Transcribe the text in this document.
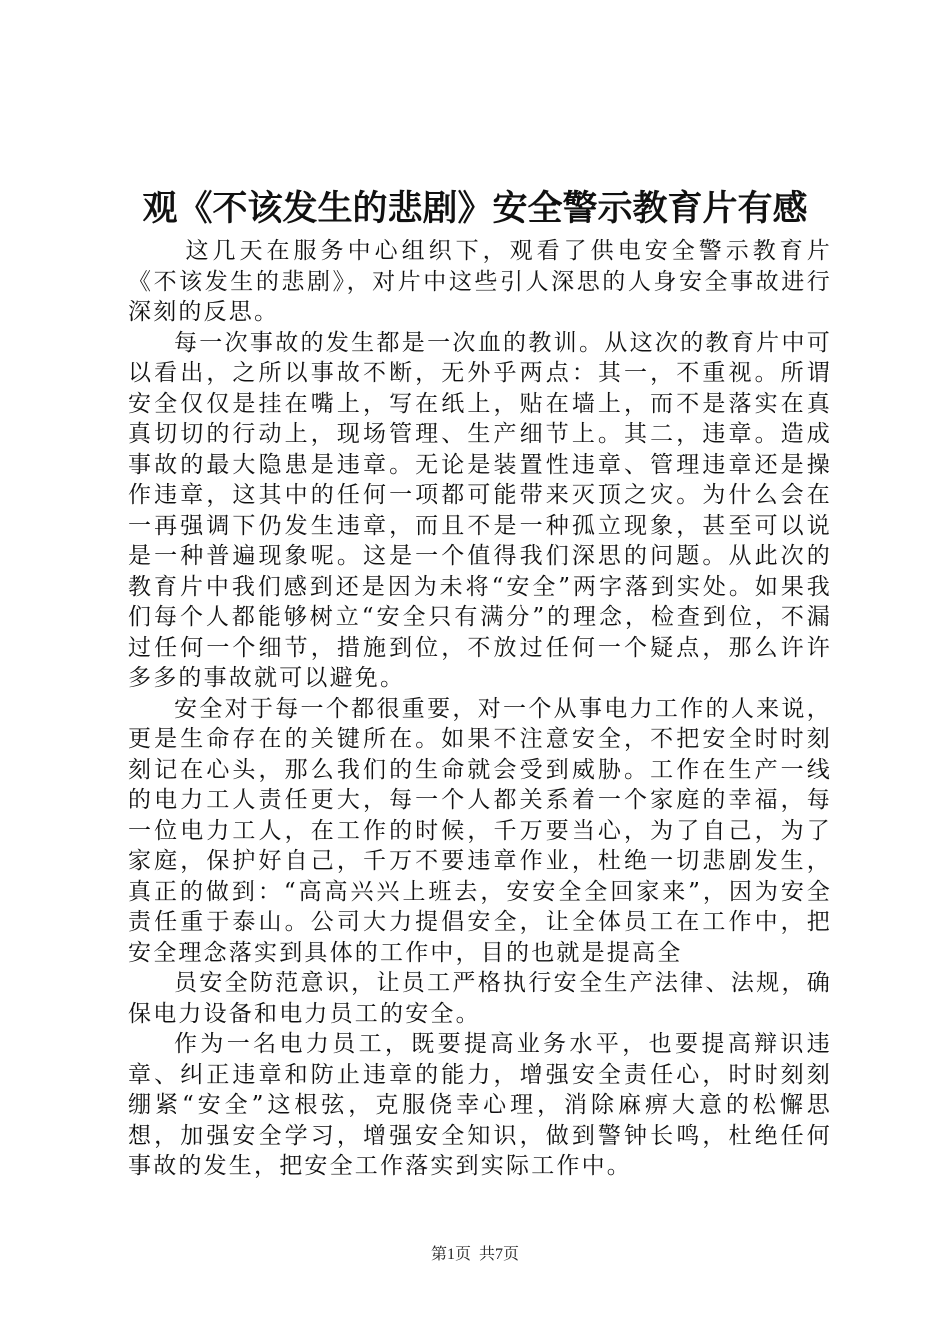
观《不该发生的悲剧》安全警示教育片有感

这几天在服务中心组织下，观看了供电安全警示教育片《不该发生的悲剧》，对片中这些引人深思的人身安全事故进行深刻的反思。

每一次事故的发生都是一次血的教训。从这次的教育片中可以看出，之所以事故不断，无外乎两点：其一，不重视。所谓安全仅仅是挂在嘴上，写在纸上，贴在墙上，而不是落实在真真切切的行动上，现场管理、生产细节上。其二，违章。造成事故的最大隐患是违章。无论是装置性违章、管理违章还是操作违章，这其中的任何一项都可能带来灭顶之灾。为什么会在一再强调下仍发生违章，而且不是一种孤立现象，甚至可以说是一种普遍现象呢。这是一个值得我们深思的问题。从此次的教育片中我们感到还是因为未将“安全”两字落到实处。如果我们每个人都能够树立“安全只有满分”的理念，检查到位，不漏过任何一个细节，措施到位，不放过任何一个疑点，那么许许多多的事故就可以避免。

安全对于每一个都很重要，对一个从事电力工作的人来说，更是生命存在的关键所在。如果不注意安全，不把安全时时刻刻记在心头，那么我们的生命就会受到威胁。工作在生产一线的电力工人责任更大，每一个人都关系着一个家庭的幸福，每一位电力工人，在工作的时候，千万要当心，为了自己，为了家庭，保护好自己，千万不要违章作业，杜绝一切悲剧发生，真正的做到：“高高兴兴上班去，安安全全回家来”，因为安全责任重于泰山。公司大力提倡安全，让全体员工在工作中，把安全理念落实到具体的工作中，目的也就是提高全

员安全防范意识，让员工严格执行安全生产法律、法规，确保电力设备和电力员工的安全。

作为一名电力员工，既要提高业务水平，也要提高辩识违章、纠正违章和防止违章的能力，增强安全责任心，时时刻刻绷紧“安全”这根弦，克服侥幸心理，消除麻痹大意的松懈思想，加强安全学习，增强安全知识，做到警钟长鸣，杜绝任何事故的发生，把安全工作落实到实际工作中。

第1页 共7页
